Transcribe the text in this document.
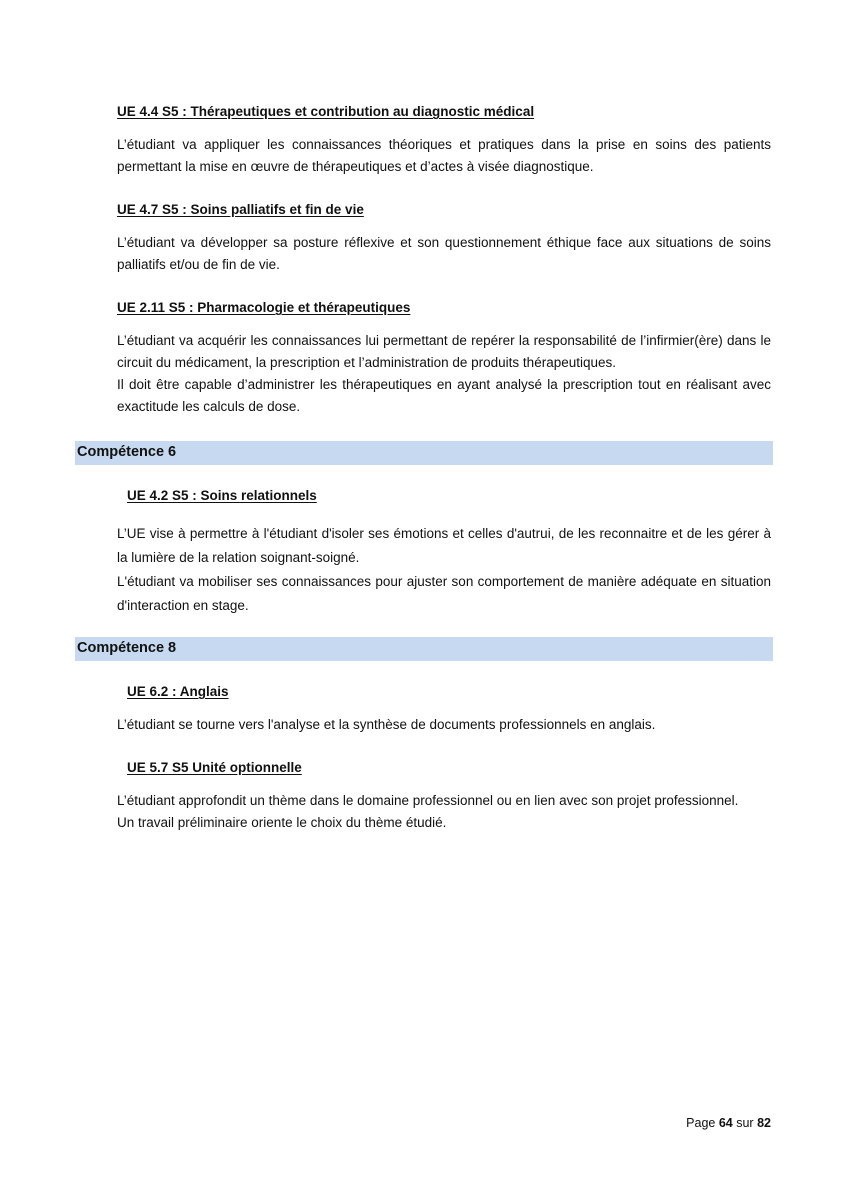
UE 4.4 S5 : Thérapeutiques et contribution au diagnostic médical

L’étudiant va appliquer les connaissances théoriques et pratiques dans la prise en soins des patients permettant la mise en œuvre de thérapeutiques et d’actes à visée diagnostique.

UE 4.7 S5 : Soins palliatifs et fin de vie

L’étudiant va développer sa posture réflexive et son questionnement éthique face aux situations de soins palliatifs et/ou de fin de vie.

UE 2.11 S5 : Pharmacologie et thérapeutiques

L’étudiant va acquérir les connaissances lui permettant de repérer la responsabilité de l’infirmier(ère) dans le circuit du médicament, la prescription et l’administration de produits thérapeutiques.

Il doit être capable d’administrer les thérapeutiques en ayant analysé la prescription tout en réalisant avec exactitude les calculs de dose.

Compétence 6
UE 4.2 S5 : Soins relationnels

L’UE vise à permettre à l'étudiant d'isoler ses émotions et celles d'autrui, de les reconnaitre et de les gérer à la lumière de la relation soignant-soigné.

L'étudiant va mobiliser ses connaissances pour ajuster son comportement de manière adéquate en situation d'interaction en stage.

Compétence 8
UE 6.2 : Anglais

L’étudiant se tourne vers l'analyse et la synthèse de documents professionnels en anglais.

UE 5.7 S5 Unité optionnelle

L’étudiant approfondit un thème dans le domaine professionnel ou en lien avec son projet professionnel.

Un travail préliminaire oriente le choix du thème étudié.

Page 64 sur 82
